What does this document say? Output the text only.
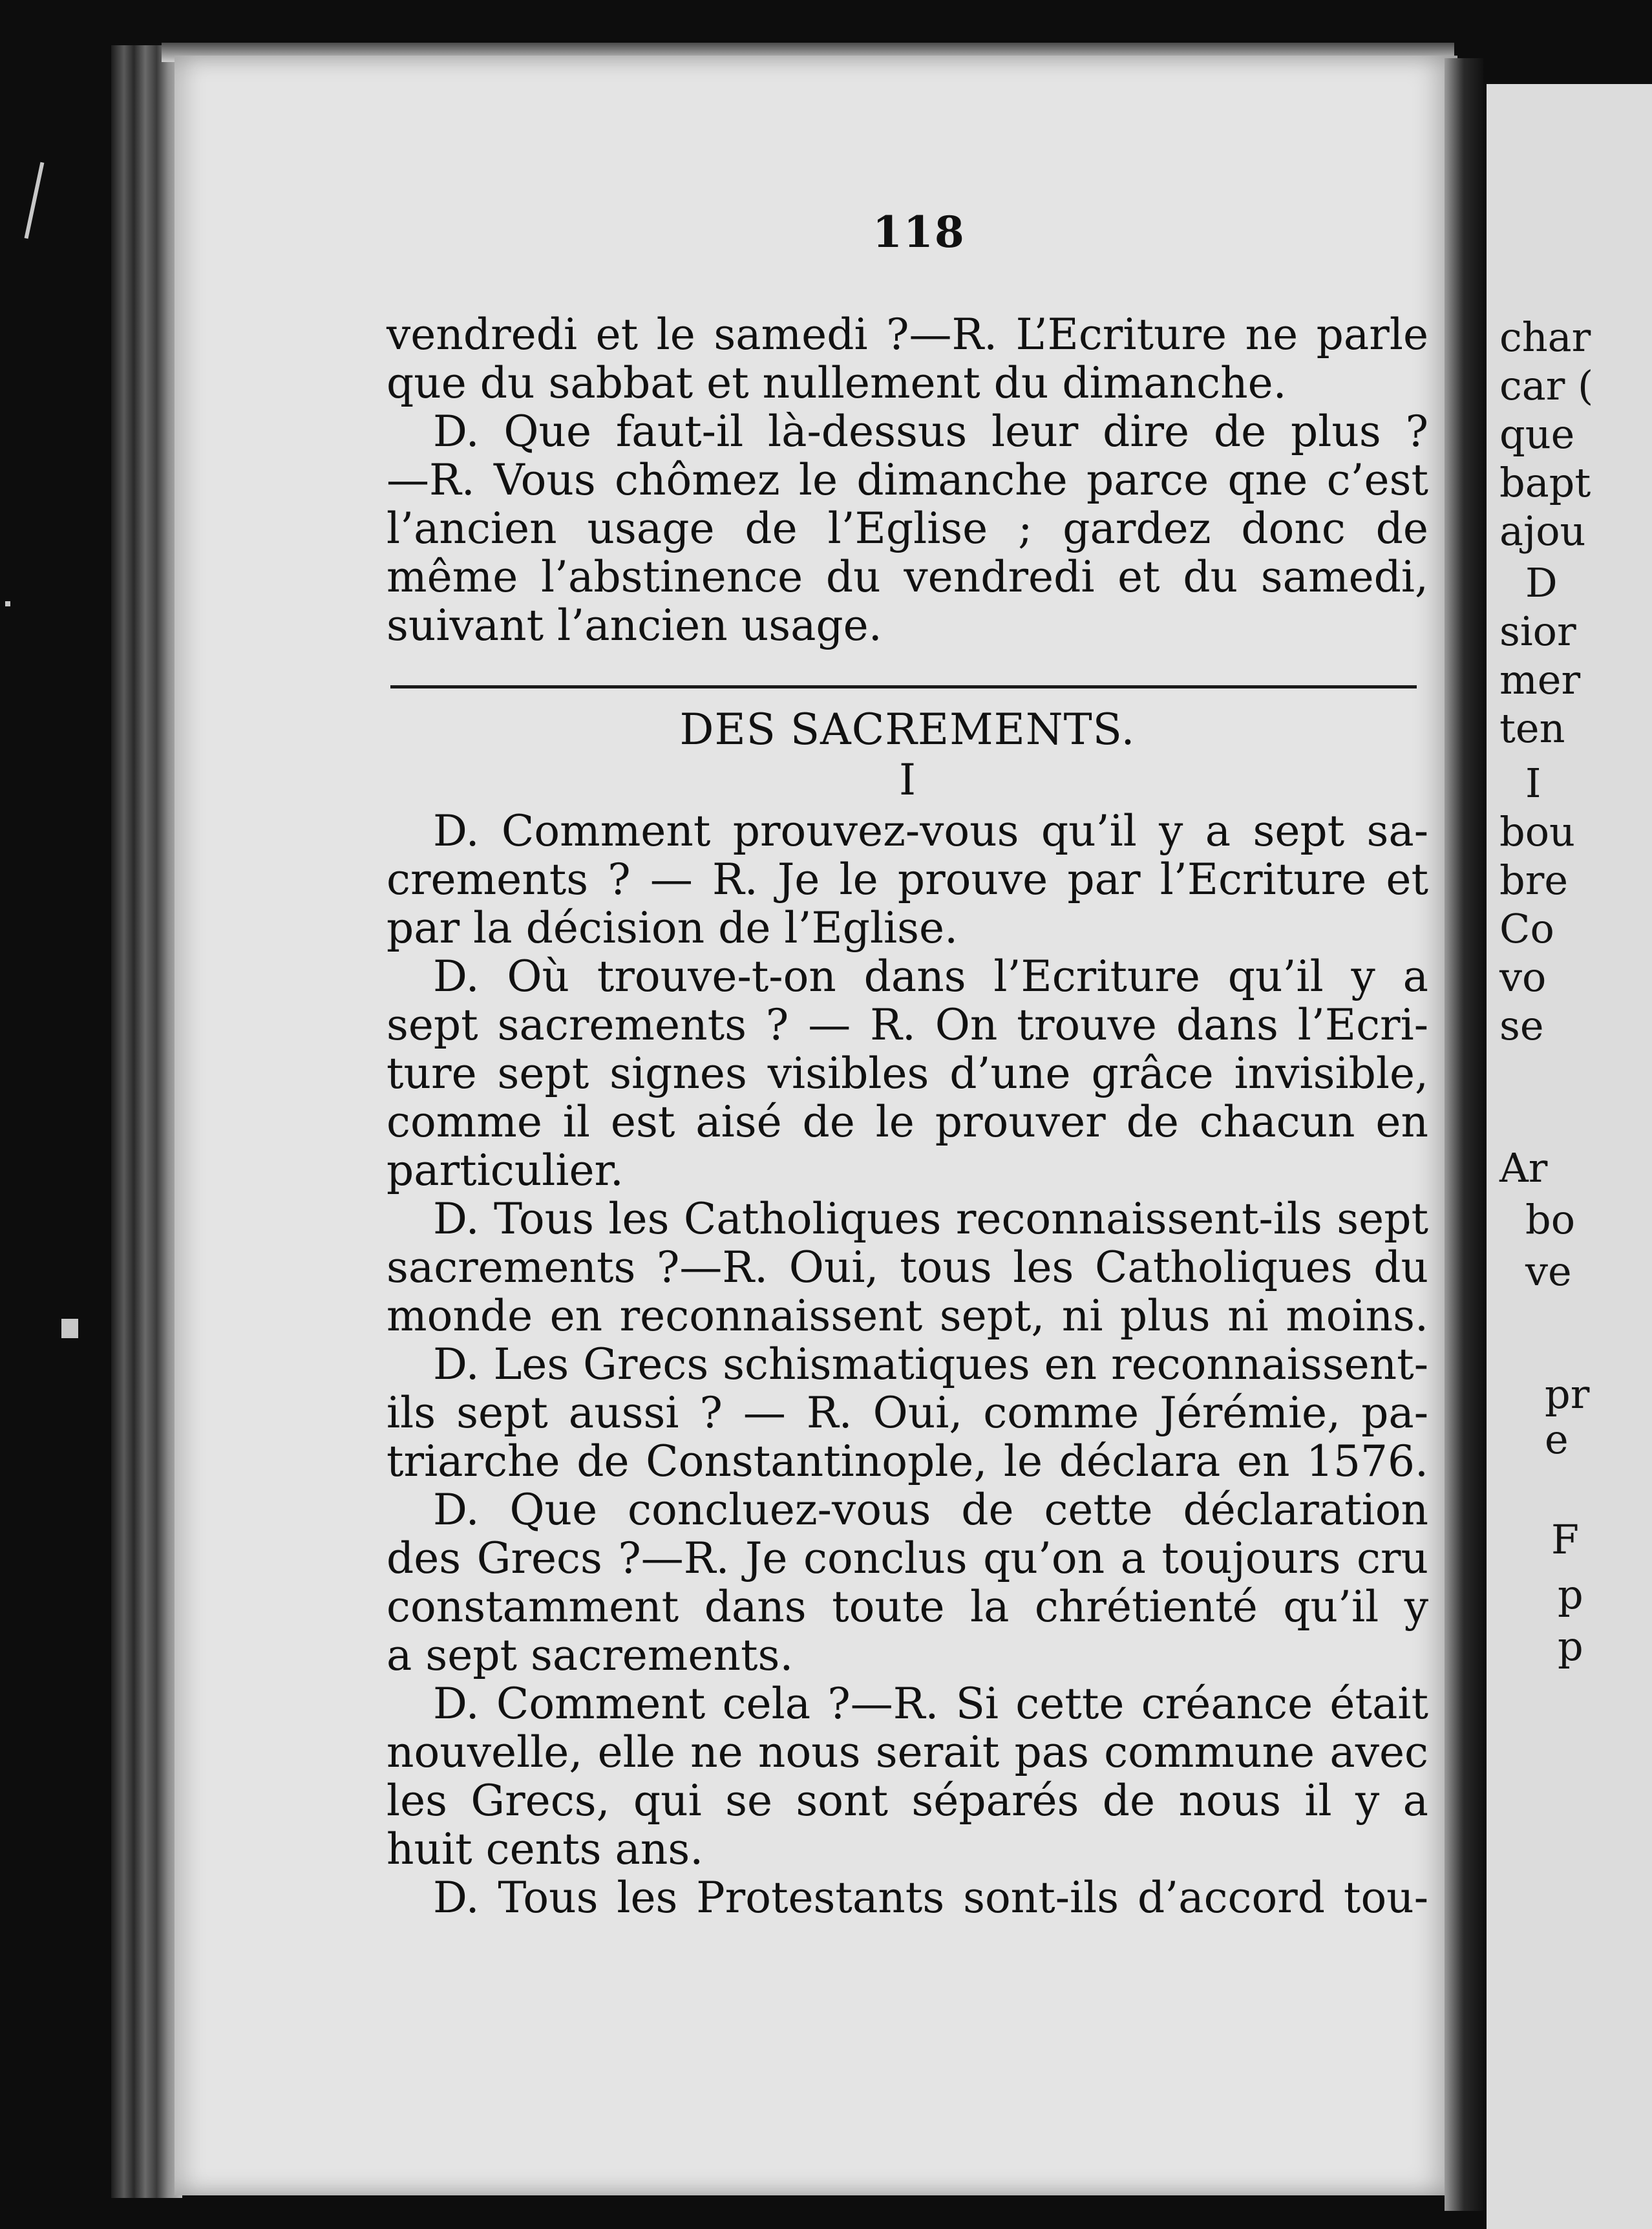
118
vendredi et le samedi ?—R. L’Ecriture ne parle
que du sabbat et nullement du dimanche.
D. Que faut-il là-dessus leur dire de plus ?
—R. Vous chômez le dimanche parce qne c’est
l’ancien usage de l’Eglise ; gardez donc de
même l’abstinence du vendredi et du samedi,
suivant l’ancien usage.
DES SACREMENTS.
I
D. Comment prouvez-vous qu’il y a sept sa-
crements ? — R. Je le prouve par l’Ecriture et
par la décision de l’Eglise.
D. Où trouve-t-on dans l’Ecriture qu’il y a
sept sacrements ? — R. On trouve dans l’Ecri-
ture sept signes visibles d’une grâce invisible,
comme il est aisé de le prouver de chacun en
particulier.
D. Tous les Catholiques reconnaissent-ils sept
sacrements ?—R. Oui, tous les Catholiques du
monde en reconnaissent sept, ni plus ni moins.
D. Les Grecs schismatiques en reconnaissent-
ils sept aussi ? — R. Oui, comme Jérémie, pa-
triarche de Constantinople, le déclara en 1576.
D. Que concluez-vous de cette déclaration
des Grecs ?—R. Je conclus qu’on a toujours cru
constamment dans toute la chrétienté qu’il y
a sept sacrements.
D. Comment cela ?—R. Si cette créance était
nouvelle, elle ne nous serait pas commune avec
les Grecs, qui se sont séparés de nous il y a
huit cents ans.
D. Tous les Protestants sont-ils d’accord tou-
char
car (
que
bapt
ajou
D
sior
mer
ten
I
bou
bre
Co
vo
se
Ar
bo
ve
pr
e
F
p
p
